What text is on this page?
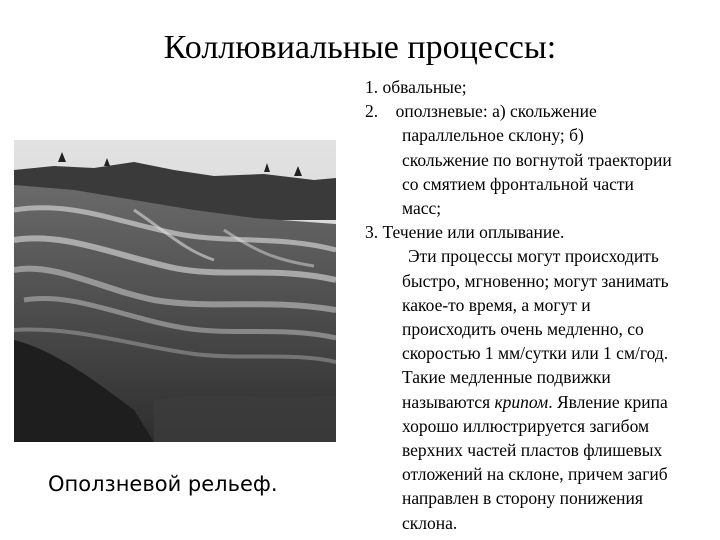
Коллювиальные процессы:
Оползневой рельеф.
1. обвальные;
2. оползневые: а) скольжение
параллельное склону; б)
скольжение по вогнутой траектории
со смятием фронтальной части
масс;
3. Течение или оплывание.
Эти процессы могут происходить
быстро, мгновенно; могут занимать
какое-то время, а могут и
происходить очень медленно, со
скоростью 1 мм/сутки или 1 см/год.
Такие медленные подвижки
называются крипом. Явление крипа
хорошо иллюстрируется загибом
верхних частей пластов флишевых
отложений на склоне, причем загиб
направлен в сторону понижения
склона.
